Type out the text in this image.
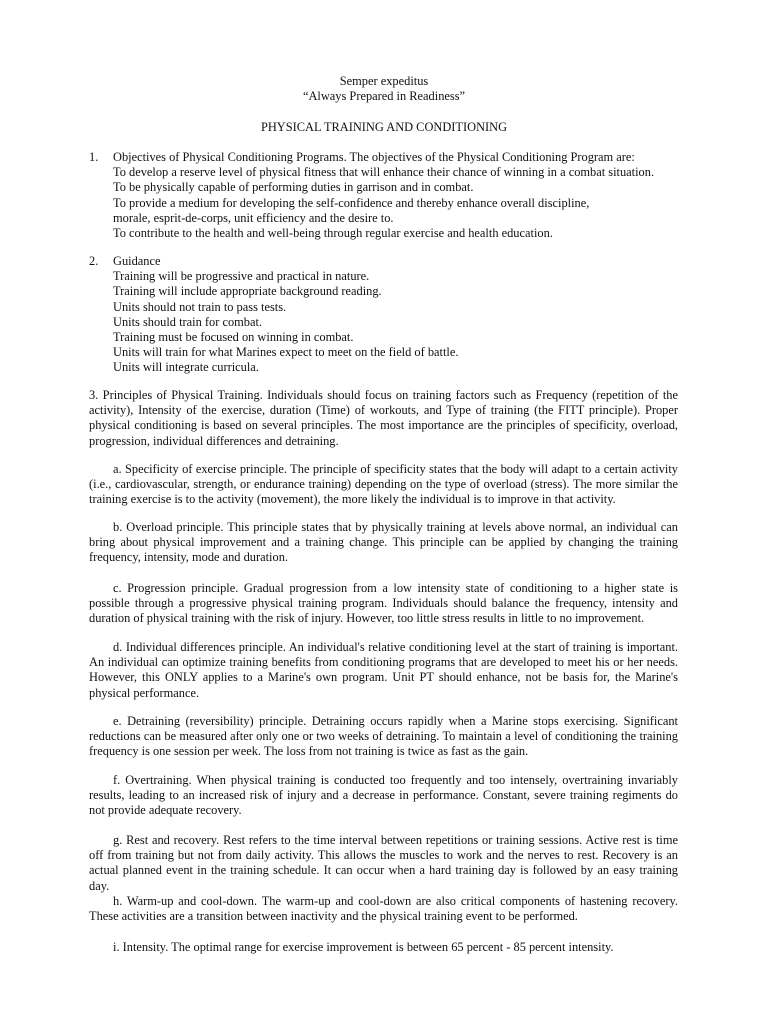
Semper expeditus
“Always Prepared in Readiness”
PHYSICAL TRAINING AND CONDITIONING
1. Objectives of Physical Conditioning Programs. The objectives of the Physical Conditioning Program are:
To develop a reserve level of physical fitness that will enhance their chance of winning in a combat situation.
To be physically capable of performing duties in garrison and in combat.
To provide a medium for developing the self-confidence and thereby enhance overall discipline,
morale, esprit-de-corps, unit efficiency and the desire to.
To contribute to the health and well-being through regular exercise and health education.
2. Guidance
Training will be progressive and practical in nature.
Training will include appropriate background reading.
Units should not train to pass tests.
Units should train for combat.
Training must be focused on winning in combat.
Units will train for what Marines expect to meet on the field of battle.
Units will integrate curricula.
3. Principles of Physical Training. Individuals should focus on training factors such as Frequency (repetition of the activity), Intensity of the exercise, duration (Time) of workouts, and Type of training (the FITT principle). Proper physical conditioning is based on several principles. The most importance are the principles of specificity, overload, progression, individual differences and detraining.
a. Specificity of exercise principle. The principle of specificity states that the body will adapt to a certain activity (i.e., cardiovascular, strength, or endurance training) depending on the type of overload (stress). The more similar the training exercise is to the activity (movement), the more likely the individual is to improve in that activity.
b. Overload principle. This principle states that by physically training at levels above normal, an individual can bring about physical improvement and a training change. This principle can be applied by changing the training frequency, intensity, mode and duration.
c. Progression principle. Gradual progression from a low intensity state of conditioning to a higher state is possible through a progressive physical training program. Individuals should balance the frequency, intensity and duration of physical training with the risk of injury. However, too little stress results in little to no improvement.
d. Individual differences principle. An individual's relative conditioning level at the start of training is important. An individual can optimize training benefits from conditioning programs that are developed to meet his or her needs. However, this ONLY applies to a Marine's own program. Unit PT should enhance, not be basis for, the Marine's physical performance.
e. Detraining (reversibility) principle. Detraining occurs rapidly when a Marine stops exercising. Significant reductions can be measured after only one or two weeks of detraining. To maintain a level of conditioning the training frequency is one session per week. The loss from not training is twice as fast as the gain.
f. Overtraining. When physical training is conducted too frequently and too intensely, overtraining invariably results, leading to an increased risk of injury and a decrease in performance. Constant, severe training regiments do not provide adequate recovery.
g. Rest and recovery. Rest refers to the time interval between repetitions or training sessions. Active rest is time off from training but not from daily activity. This allows the muscles to work and the nerves to rest. Recovery is an actual planned event in the training schedule. It can occur when a hard training day is followed by an easy training day.
h. Warm-up and cool-down. The warm-up and cool-down are also critical components of hastening recovery. These activities are a transition between inactivity and the physical training event to be performed.
i. Intensity. The optimal range for exercise improvement is between 65 percent - 85 percent intensity.
